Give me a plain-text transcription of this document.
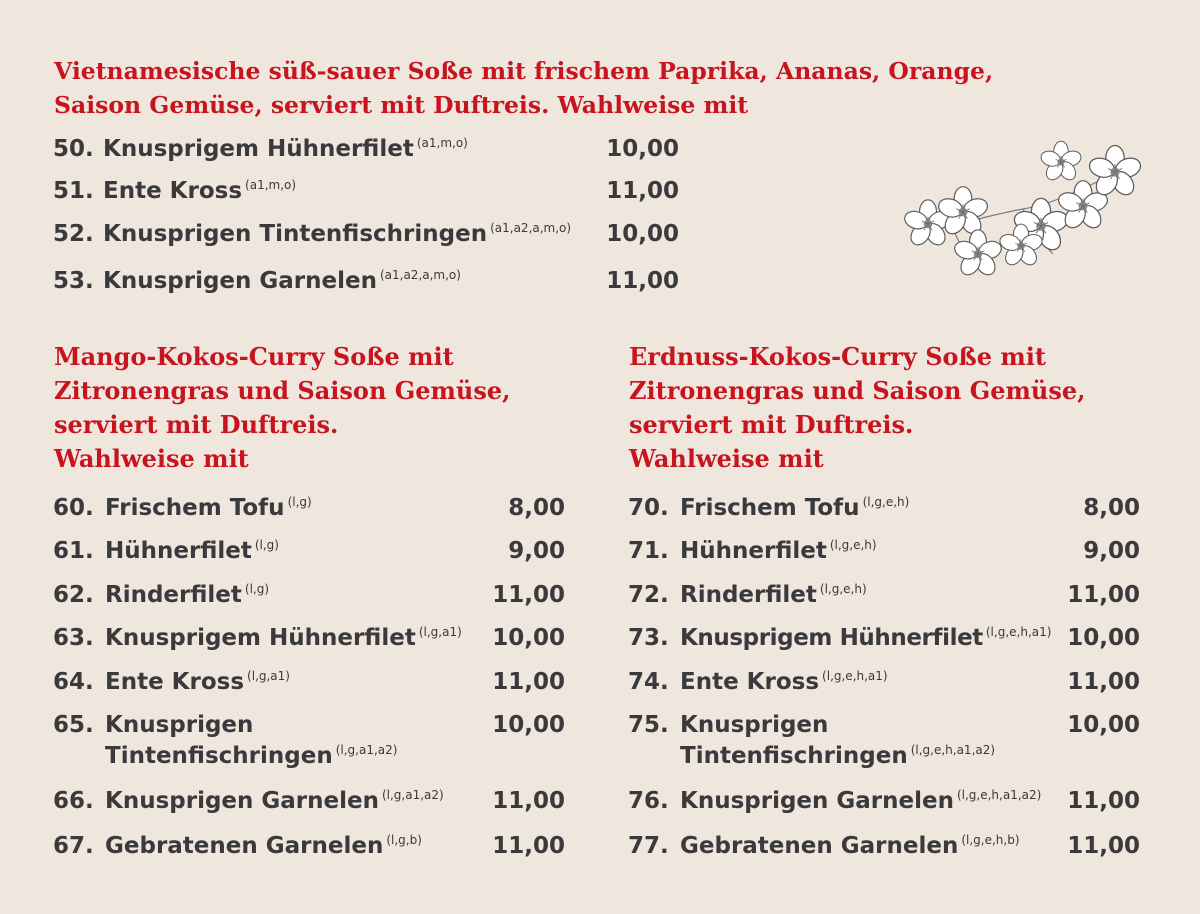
Vietnamesische süß-sauer Soße mit frischem Paprika, Ananas, Orange,
Saison Gemüse, serviert mit Duftreis. Wahlweise mit
50. Knusprigem Hühnerfilet $^{(a1,m,o)}$	10,00
51. Ente Kross $^{(a1,m,o)}$	11,00
52. Knusprigen Tintenfischringen $^{(a1,a2,a,m,o)}$	10,00
53. Knusprigen Garnelen $^{(a1,a2,a,m,o)}$	11,00
Mango-Kokos-Curry Soße mit
Zitronengras und Saison Gemüse,
serviert mit Duftreis.
Wahlweise mit
60. Frischem Tofu $^{(l,g)}$	8,00
61. Hühnerfilet $^{(l,g)}$	9,00
62. Rinderfilet $^{(l,g)}$	11,00
63. Knusprigem Hühnerfilet $^{(l,g,a1)}$	10,00
64. Ente Kross $^{(l,g,a1)}$	11,00
65. Knusprigen
Tintenfischringen $^{(l,g,a1,a2)}$
10,00
66. Knusprigen Garnelen $^{(l,g,a1,a2)}$	11,00
67. Gebratenen Garnelen $^{(l,g,b)}$	11,00
Erdnuss-Kokos-Curry Soße mit
Zitronengras und Saison Gemüse,
serviert mit Duftreis.
Wahlweise mit
70. Frischem Tofu $^{(l,g,e,h)}$	8,00
71. Hühnerfilet $^{(l,g,e,h)}$	9,00
72. Rinderfilet $^{(l,g,e,h)}$	11,00
73. Knusprigem Hühnerfilet $^{(l,g,e,h,a1)}$ 10,00
74. Ente Kross $^{(l,g,e,h,a1)}$	11,00
75. Knusprigen
Tintenfischringen $^{(l,g,e,h,a1,a2)}$
10,00
76. Knusprigen Garnelen $^{(l,g,e,h,a1,a2)}$	11,00
77. Gebratenen Garnelen $^{(l,g,e,h,b)}$	11,00
